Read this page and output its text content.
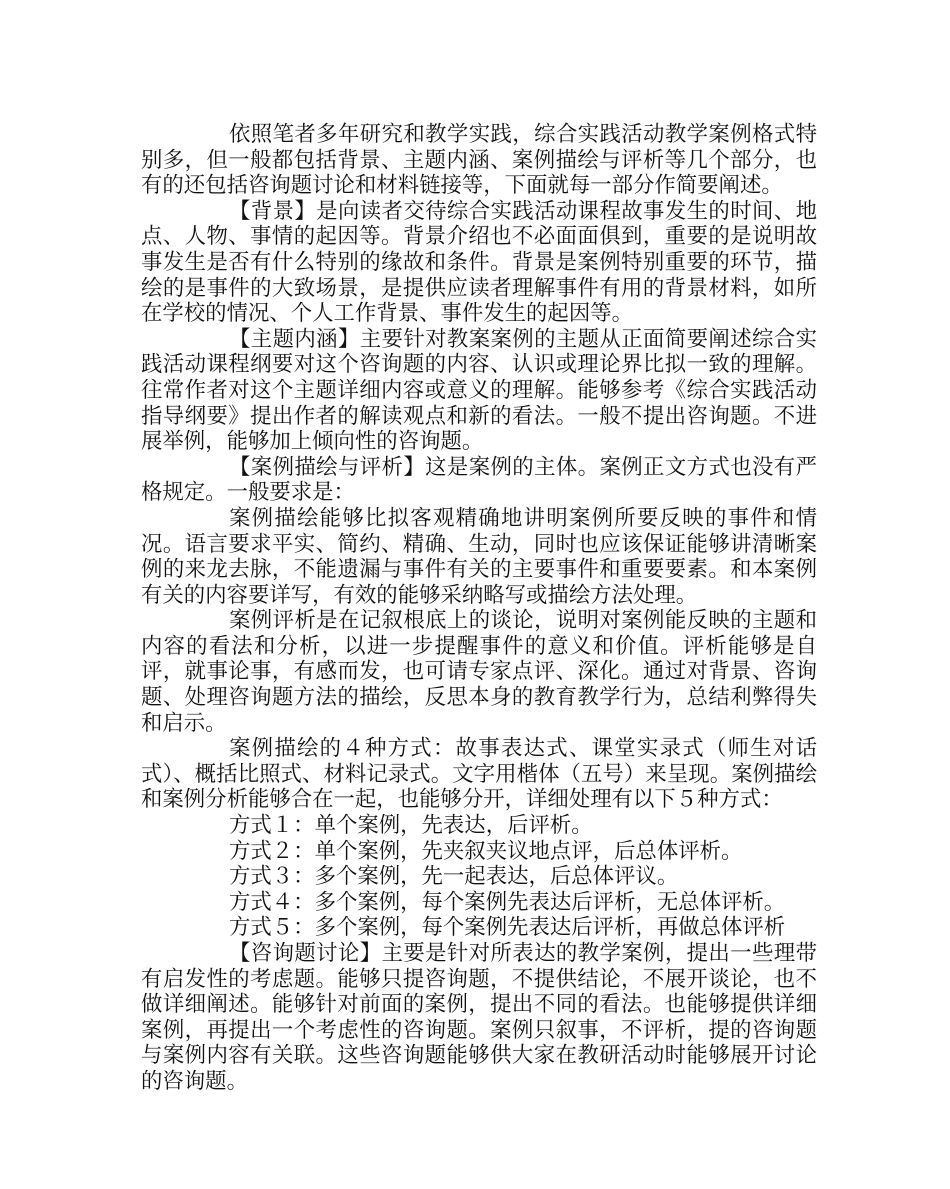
依照笔者多年研究和教学实践，综合实践活动教学案例格式特别多，但一般都包括背景、主题内涵、案例描绘与评析等几个部分，也有的还包括咨询题讨论和材料链接等，下面就每一部分作简要阐述。

【背景】是向读者交待综合实践活动课程故事发生的时间、地点、人物、事情的起因等。背景介绍也不必面面俱到，重要的是说明故事发生是否有什么特别的缘故和条件。背景是案例特别重要的环节，描绘的是事件的大致场景，是提供应读者理解事件有用的背景材料，如所在学校的情况、个人工作背景、事件发生的起因等。

【主题内涵】主要针对教案案例的主题从正面简要阐述综合实践活动课程纲要对这个咨询题的内容、认识或理论界比拟一致的理解。往常作者对这个主题详细内容或意义的理解。能够参考《综合实践活动指导纲要》提出作者的解读观点和新的看法。一般不提出咨询题。不进展举例，能够加上倾向性的咨询题。

【案例描绘与评析】这是案例的主体。案例正文方式也没有严格规定。一般要求是：

案例描绘能够比拟客观精确地讲明案例所要反映的事件和情况。语言要求平实、简约、精确、生动，同时也应该保证能够讲清晰案例的来龙去脉，不能遗漏与事件有关的主要事件和重要要素。和本案例有关的内容要详写，有效的能够采纳略写或描绘方法处理。

案例评析是在记叙根底上的谈论，说明对案例能反映的主题和内容的看法和分析，以进一步提醒事件的意义和价值。评析能够是自评，就事论事，有感而发，也可请专家点评、深化。通过对背景、咨询题、处理咨询题方法的描绘，反思本身的教育教学行为，总结利弊得失和启示。

案例描绘的４种方式：故事表达式、课堂实录式（师生对话式）、概括比照式、材料记录式。文字用楷体（五号）来呈现。案例描绘和案例分析能够合在一起，也能够分开，详细处理有以下５种方式：

方式１：单个案例，先表达，后评析。

方式２：单个案例，先夹叙夹议地点评，后总体评析。

方式３：多个案例，先一起表达，后总体评议。

方式４：多个案例，每个案例先表达后评析，无总体评析。

方式５：多个案例，每个案例先表达后评析，再做总体评析

【咨询题讨论】主要是针对所表达的教学案例，提出一些理带有启发性的考虑题。能够只提咨询题，不提供结论，不展开谈论，也不做详细阐述。能够针对前面的案例，提出不同的看法。也能够提供详细案例，再提出一个考虑性的咨询题。案例只叙事，不评析，提的咨询题与案例内容有关联。这些咨询题能够供大家在教研活动时能够展开讨论的咨询题。
